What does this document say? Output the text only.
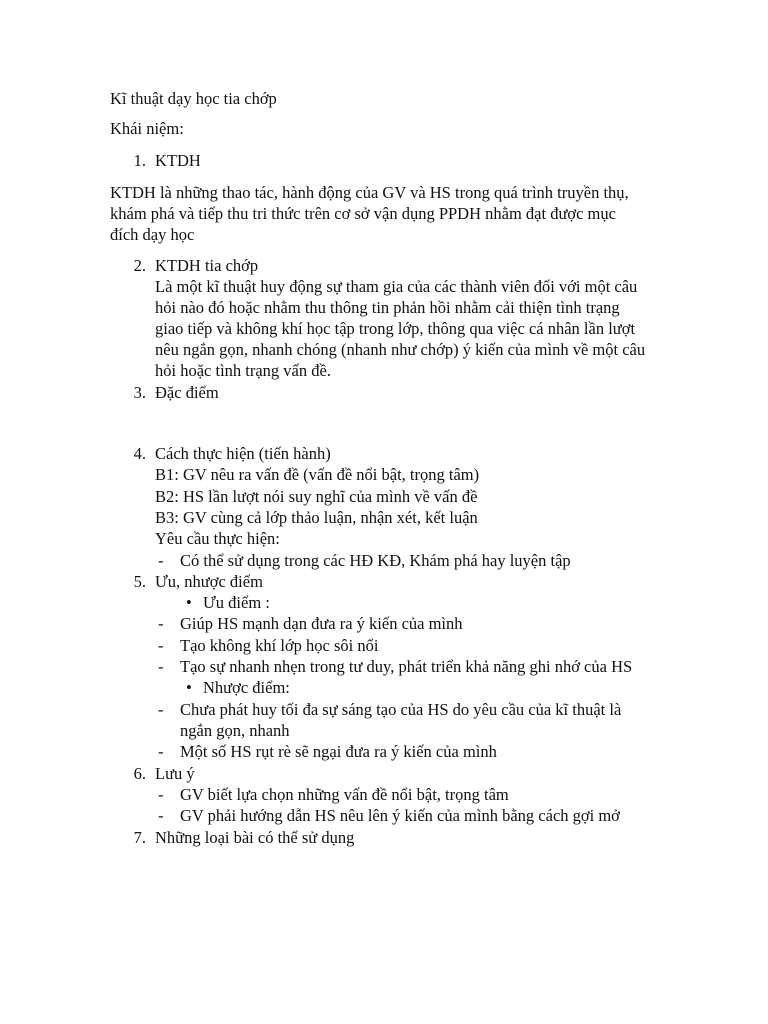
Kĩ thuật dạy học tia chớp
Khái niệm:
1. KTDH
KTDH là những thao tác, hành động của GV và HS trong quá trình truyền thụ,
khám phá và tiếp thu tri thức trên cơ sở vận dụng PPDH nhằm đạt được mục
đích dạy học
2. KTDH tia chớp
Là một kĩ thuật huy động sự tham gia của các thành viên đối với một câu
hỏi nào đó hoặc nhằm thu thông tin phản hồi nhằm cải thiện tình trạng
giao tiếp và không khí học tập trong lớp, thông qua việc cá nhân lần lượt
nêu ngắn gọn, nhanh chóng (nhanh như chớp) ý kiến của mình về một câu
hỏi hoặc tình trạng vấn đề.
3. Đặc điểm
4. Cách thực hiện (tiến hành)
B1: GV nêu ra vấn đề (vấn đề nổi bật, trọng tâm)
B2: HS lần lượt nói suy nghĩ của mình về vấn đề
B3: GV cùng cả lớp thảo luận, nhận xét, kết luận
Yêu cầu thực hiện:
- Có thể sử dụng trong các HĐ KĐ, Khám phá hay luyện tập
5. Ưu, nhược điểm
• Ưu điểm :
- Giúp HS mạnh dạn đưa ra ý kiến của mình
- Tạo không khí lớp học sôi nổi
- Tạo sự nhanh nhẹn trong tư duy, phát triển khả năng ghi nhớ của HS
• Nhược điểm:
- Chưa phát huy tối đa sự sáng tạo của HS do yêu cầu của kĩ thuật là
ngắn gọn, nhanh
- Một số HS rụt rè sẽ ngại đưa ra ý kiến của mình
6. Lưu ý
- GV biết lựa chọn những vấn đề nổi bật, trọng tâm
- GV phải hướng dẫn HS nêu lên ý kiến của mình bằng cách gợi mở
7. Những loại bài có thể sử dụng
